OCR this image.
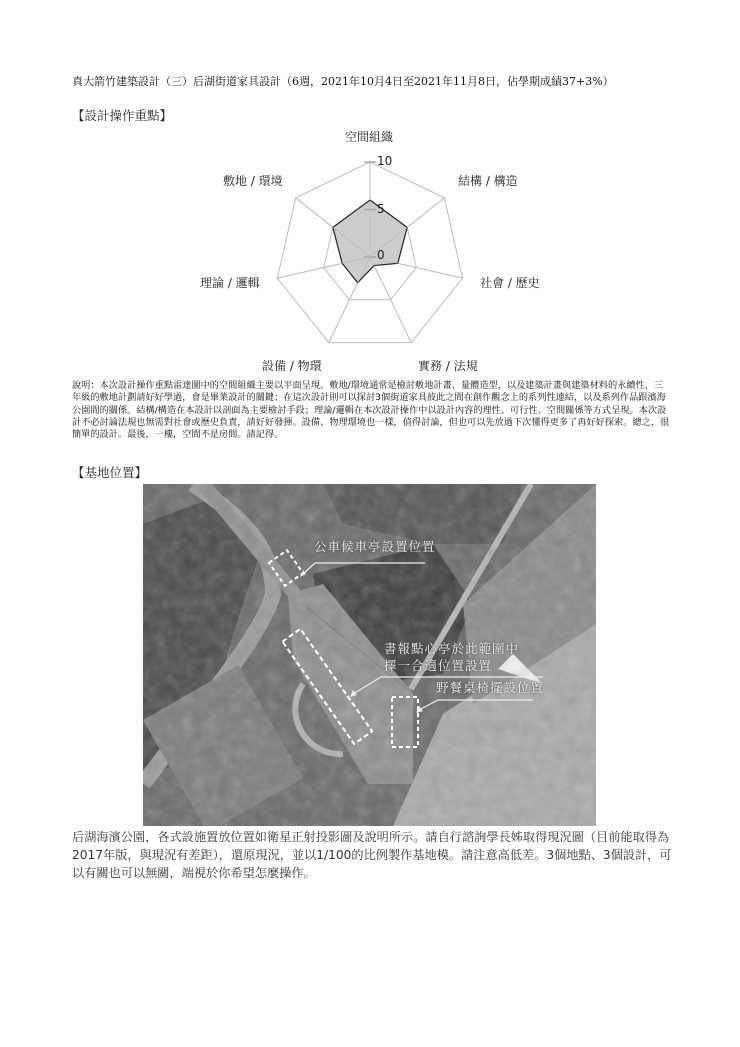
真大箭竹建築設計（三）后湖街道家具設計（6週，2021年10月4日至2021年11月8日，佔學期成績37+3%）
【設計操作重點】
空間組織
結構 / 構造
社會 / 歷史
實務 / 法規
設備 / 物環
理論 / 邏輯
敷地 / 環境
10
5
0
說明：本次設計操作重點雷達圖中的空間組織主要以平面呈現。敷地/環境通常是檢討敷地計畫、量體造型，以及建築計畫與建築材料的永續性，三年級的敷地計劃請好好學過，會是畢業設計的關鍵；在這次設計則可以探討3個街道家具彼此之間在創作觀念上的系列性連結，以及系列作品跟濱海公園間的關係。結構/構造在本設計以剖面為主要檢討手段；理論/邏輯在本次設計操作中以設計內容的理性、可行性、空間關係等方式呈現。本次設計不必討論法規也無需對社會或歷史負責，請好好發揮。設備、物理環境也一樣，值得討論，但也可以先放過下次懂得更多了再好好探索。總之，很簡單的設計。最後，一樓，空間不是房間。請記得。
【基地位置】
公車候車亭設置位置
書報點心亭於此範圍中
擇一合適位置設置
野餐桌椅擺設位置
后湖海濱公園，各式設施置放位置如衛星正射投影圖及說明所示。請自行諮詢學長姊取得現況圖（目前能取得為2017年版，與現況有差距），還原現況，並以1/100的比例製作基地模。請注意高低差。3個地點、3個設計，可以有關也可以無關，端視於你希望怎麼操作。
